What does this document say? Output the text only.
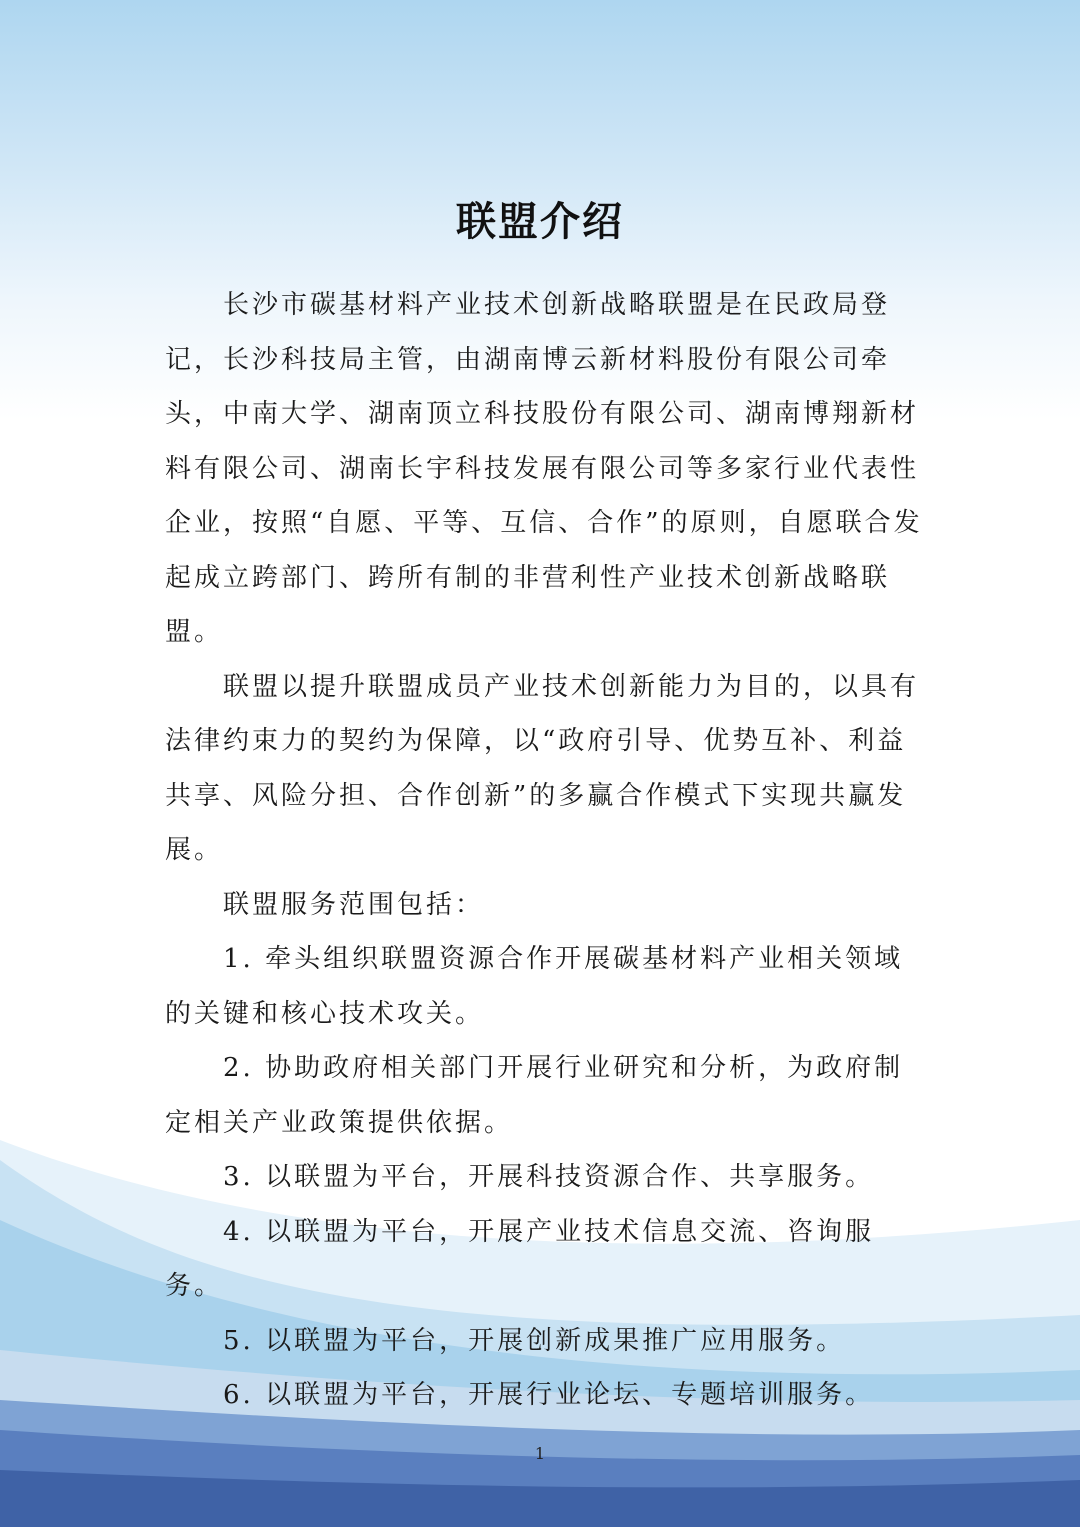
联盟介绍

长沙市碳基材料产业技术创新战略联盟是在民政局登记，长沙科技局主管，由湖南博云新材料股份有限公司牵头，中南大学、湖南顶立科技股份有限公司、湖南博翔新材料有限公司、湖南长宇科技发展有限公司等多家行业代表性企业，按照“自愿、平等、互信、合作”的原则，自愿联合发起成立跨部门、跨所有制的非营利性产业技术创新战略联盟。

联盟以提升联盟成员产业技术创新能力为目的，以具有法律约束力的契约为保障，以“政府引导、优势互补、利益共享、风险分担、合作创新”的多赢合作模式下实现共赢发展。

联盟服务范围包括：

1. 牵头组织联盟资源合作开展碳基材料产业相关领域的关键和核心技术攻关。

2. 协助政府相关部门开展行业研究和分析，为政府制定相关产业政策提供依据。

3. 以联盟为平台，开展科技资源合作、共享服务。

4. 以联盟为平台，开展产业技术信息交流、咨询服务。

5. 以联盟为平台，开展创新成果推广应用服务。

6. 以联盟为平台，开展行业论坛、专题培训服务。

1
